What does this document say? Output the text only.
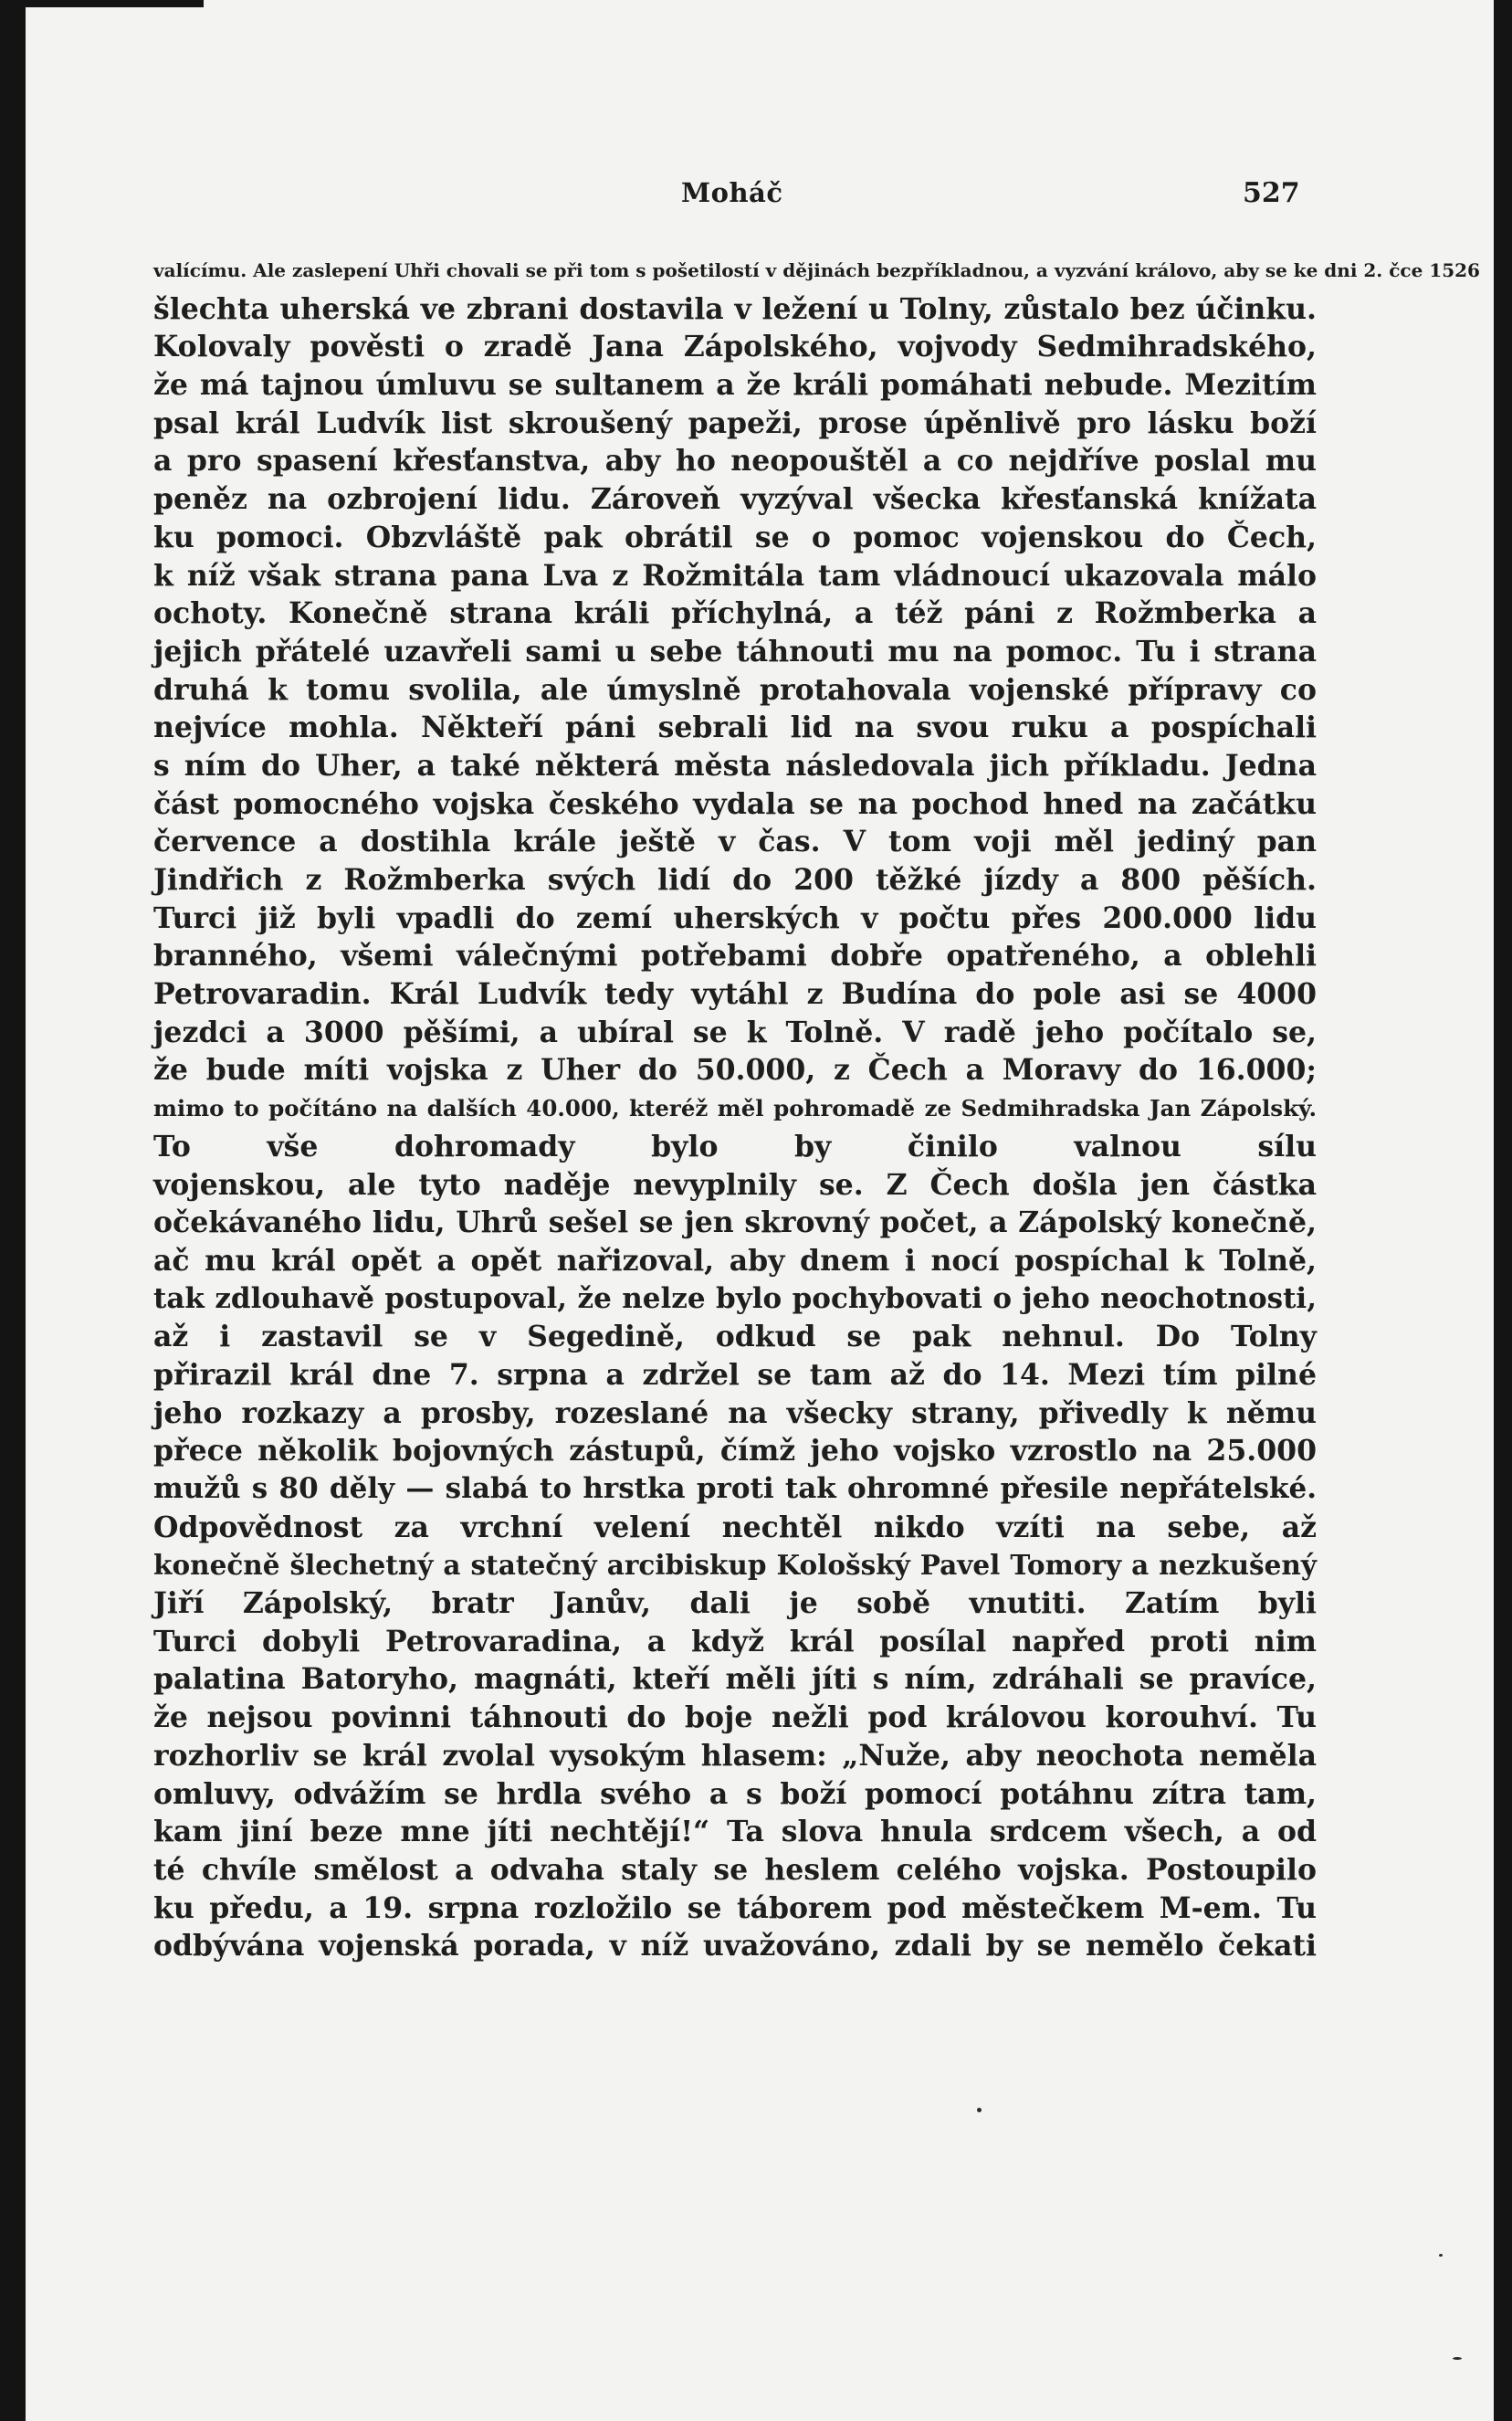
Moháč	527
valícímu. Ale zaslepení Uhři chovali se při tom s pošetilostí v dějinách bezpříkladnou, a vyzvání královo, aby se ke dni 2. čce 1526
šlechta uherská ve zbrani dostavila v ležení u Tolny, zůstalo bez účinku.
Kolovaly pověsti o zradě Jana Zápolského, vojvody Sedmihradského,
že má tajnou úmluvu se sultanem a že králi pomáhati nebude. Mezitím
psal král Ludvík list skroušený papeži, prose úpěnlivě pro lásku boží
a pro spasení křesťanstva, aby ho neopouštěl a co nejdříve poslal mu
peněz na ozbrojení lidu. Zároveň vyzýval všecka křesťanská knížata
ku pomoci. Obzvláště pak obrátil se o pomoc vojenskou do Čech,
k níž však strana pana Lva z Rožmitála tam vládnoucí ukazovala málo
ochoty. Konečně strana králi příchylná, a též páni z Rožmberka a
jejich přátelé uzavřeli sami u sebe táhnouti mu na pomoc. Tu i strana
druhá k tomu svolila, ale úmyslně protahovala vojenské přípravy co
nejvíce mohla. Někteří páni sebrali lid na svou ruku a pospíchali
s ním do Uher, a také některá města následovala jich příkladu. Jedna
část pomocného vojska českého vydala se na pochod hned na začátku
července a dostihla krále ještě v čas. V tom voji měl jediný pan
Jindřich z Rožmberka svých lidí do 200 těžké jízdy a 800 pěších.
Turci již byli vpadli do zemí uherských v počtu přes 200.000 lidu
branného, všemi válečnými potřebami dobře opatřeného, a oblehli
Petrovaradin. Král Ludvík tedy vytáhl z Budína do pole asi se 4000
jezdci a 3000 pěšími, a ubíral se k Tolně. V radě jeho počítalo se,
že bude míti vojska z Uher do 50.000, z Čech a Moravy do 16.000;
mimo to počítáno na dalších 40.000, kteréž měl pohromadě ze Sedmihradska Jan Zápolský.
To vše dohromady bylo by činilo valnou sílu
vojenskou, ale tyto naděje nevyplnily se. Z Čech došla jen částka
očekávaného lidu, Uhrů sešel se jen skrovný počet, a Zápolský konečně,
ač mu král opět a opět nařizoval, aby dnem i nocí pospíchal k Tolně,
tak zdlouhavě postupoval, že nelze bylo pochybovati o jeho neochotnosti,
až i zastavil se v Segedině, odkud se pak nehnul. Do Tolny
přirazil král dne 7. srpna a zdržel se tam až do 14. Mezi tím pilné
jeho rozkazy a prosby, rozeslané na všecky strany, přivedly k němu
přece několik bojovných zástupů, čímž jeho vojsko vzrostlo na 25.000
mužů s 80 děly — slabá to hrstka proti tak ohromné přesile nepřátelské.
Odpovědnost za vrchní velení nechtěl nikdo vzíti na sebe, až
konečně šlechetný a statečný arcibiskup Kološský Pavel Tomory a nezkušený
Jiří Zápolský, bratr Janův, dali je sobě vnutiti. Zatím byli
Turci dobyli Petrovaradina, a když král posílal napřed proti nim
palatina Batoryho, magnáti, kteří měli jíti s ním, zdráhali se pravíce,
že nejsou povinni táhnouti do boje nežli pod královou korouhví. Tu
rozhorliv se král zvolal vysokým hlasem: „Nuže, aby neochota neměla
omluvy, odvážím se hrdla svého a s boží pomocí potáhnu zítra tam,
kam jiní beze mne jíti nechtějí!“ Ta slova hnula srdcem všech, a od
té chvíle smělost a odvaha staly se heslem celého vojska. Postoupilo
ku předu, a 19. srpna rozložilo se táborem pod městečkem M-em. Tu
odbývána vojenská porada, v níž uvažováno, zdali by se nemělo čekati
